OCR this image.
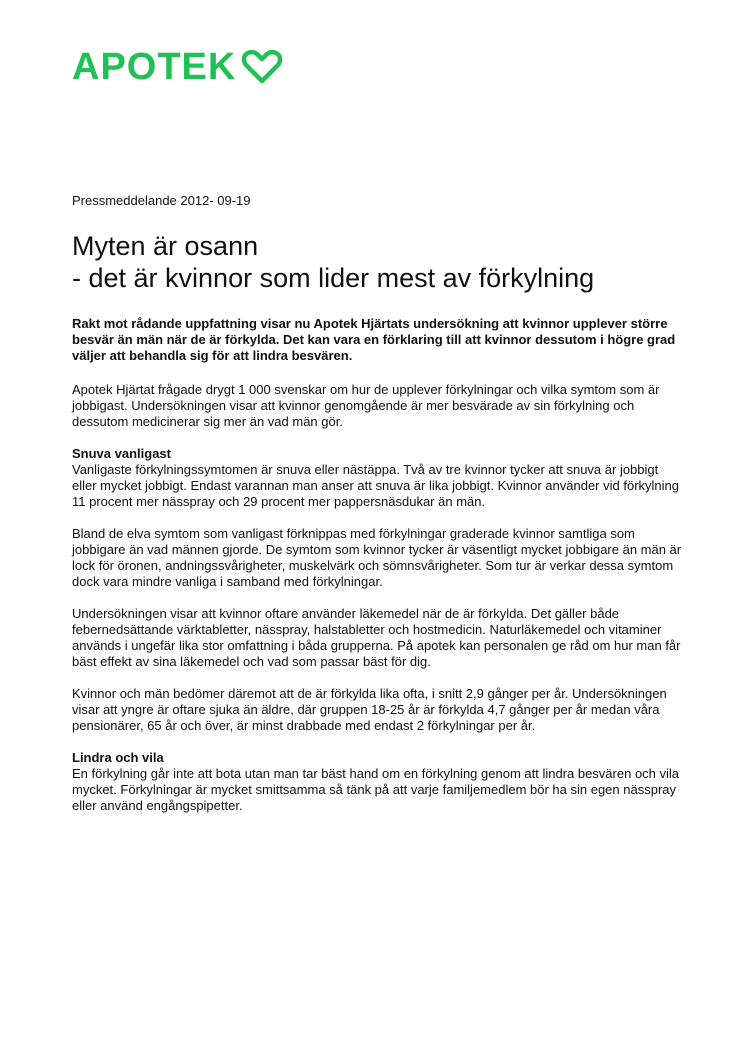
APOTEK
Pressmeddelande 2012- 09-19
Myten är osann
- det är kvinnor som lider mest av förkylning
Rakt mot rådande uppfattning visar nu Apotek Hjärtats undersökning att kvinnor upplever större besvär än män när de är förkylda. Det kan vara en förklaring till att kvinnor dessutom i högre grad väljer att behandla sig för att lindra besvären.

Apotek Hjärtat frågade drygt 1 000 svenskar om hur de upplever förkylningar och vilka symtom som är jobbigast. Undersökningen visar att kvinnor genomgående är mer besvärade av sin förkylning och dessutom medicinerar sig mer än vad män gör.

Snuva vanligast

Vanligaste förkylningssymtomen är snuva eller nästäppa. Två av tre kvinnor tycker att snuva är jobbigt eller mycket jobbigt. Endast varannan man anser att snuva är lika jobbigt. Kvinnor använder vid förkylning 11 procent mer nässpray och 29 procent mer pappersnäsdukar än män.

Bland de elva symtom som vanligast förknippas med förkylningar graderade kvinnor samtliga som jobbigare än vad männen gjorde. De symtom som kvinnor tycker är väsentligt mycket jobbigare än män är lock för öronen, andningssvårigheter, muskelvärk och sömnsvårigheter. Som tur är verkar dessa symtom dock vara mindre vanliga i samband med förkylningar.

Undersökningen visar att kvinnor oftare använder läkemedel när de är förkylda. Det gäller både febernedsättande värktabletter, nässpray, halstabletter och hostmedicin. Naturläkemedel och vitaminer används i ungefär lika stor omfattning i båda grupperna. På apotek kan personalen ge råd om hur man får bäst effekt av sina läkemedel och vad som passar bäst för dig.

Kvinnor och män bedömer däremot att de är förkylda lika ofta, i snitt 2,9 gånger per år. Undersökningen visar att yngre är oftare sjuka än äldre, där gruppen 18-25 år är förkylda 4,7 gånger per år medan våra pensionärer, 65 år och över, är minst drabbade med endast 2 förkylningar per år.

Lindra och vila

En förkylning går inte att bota utan man tar bäst hand om en förkylning genom att lindra besvären och vila mycket. Förkylningar är mycket smittsamma så tänk på att varje familjemedlem bör ha sin egen nässpray eller använd engångspipetter.
